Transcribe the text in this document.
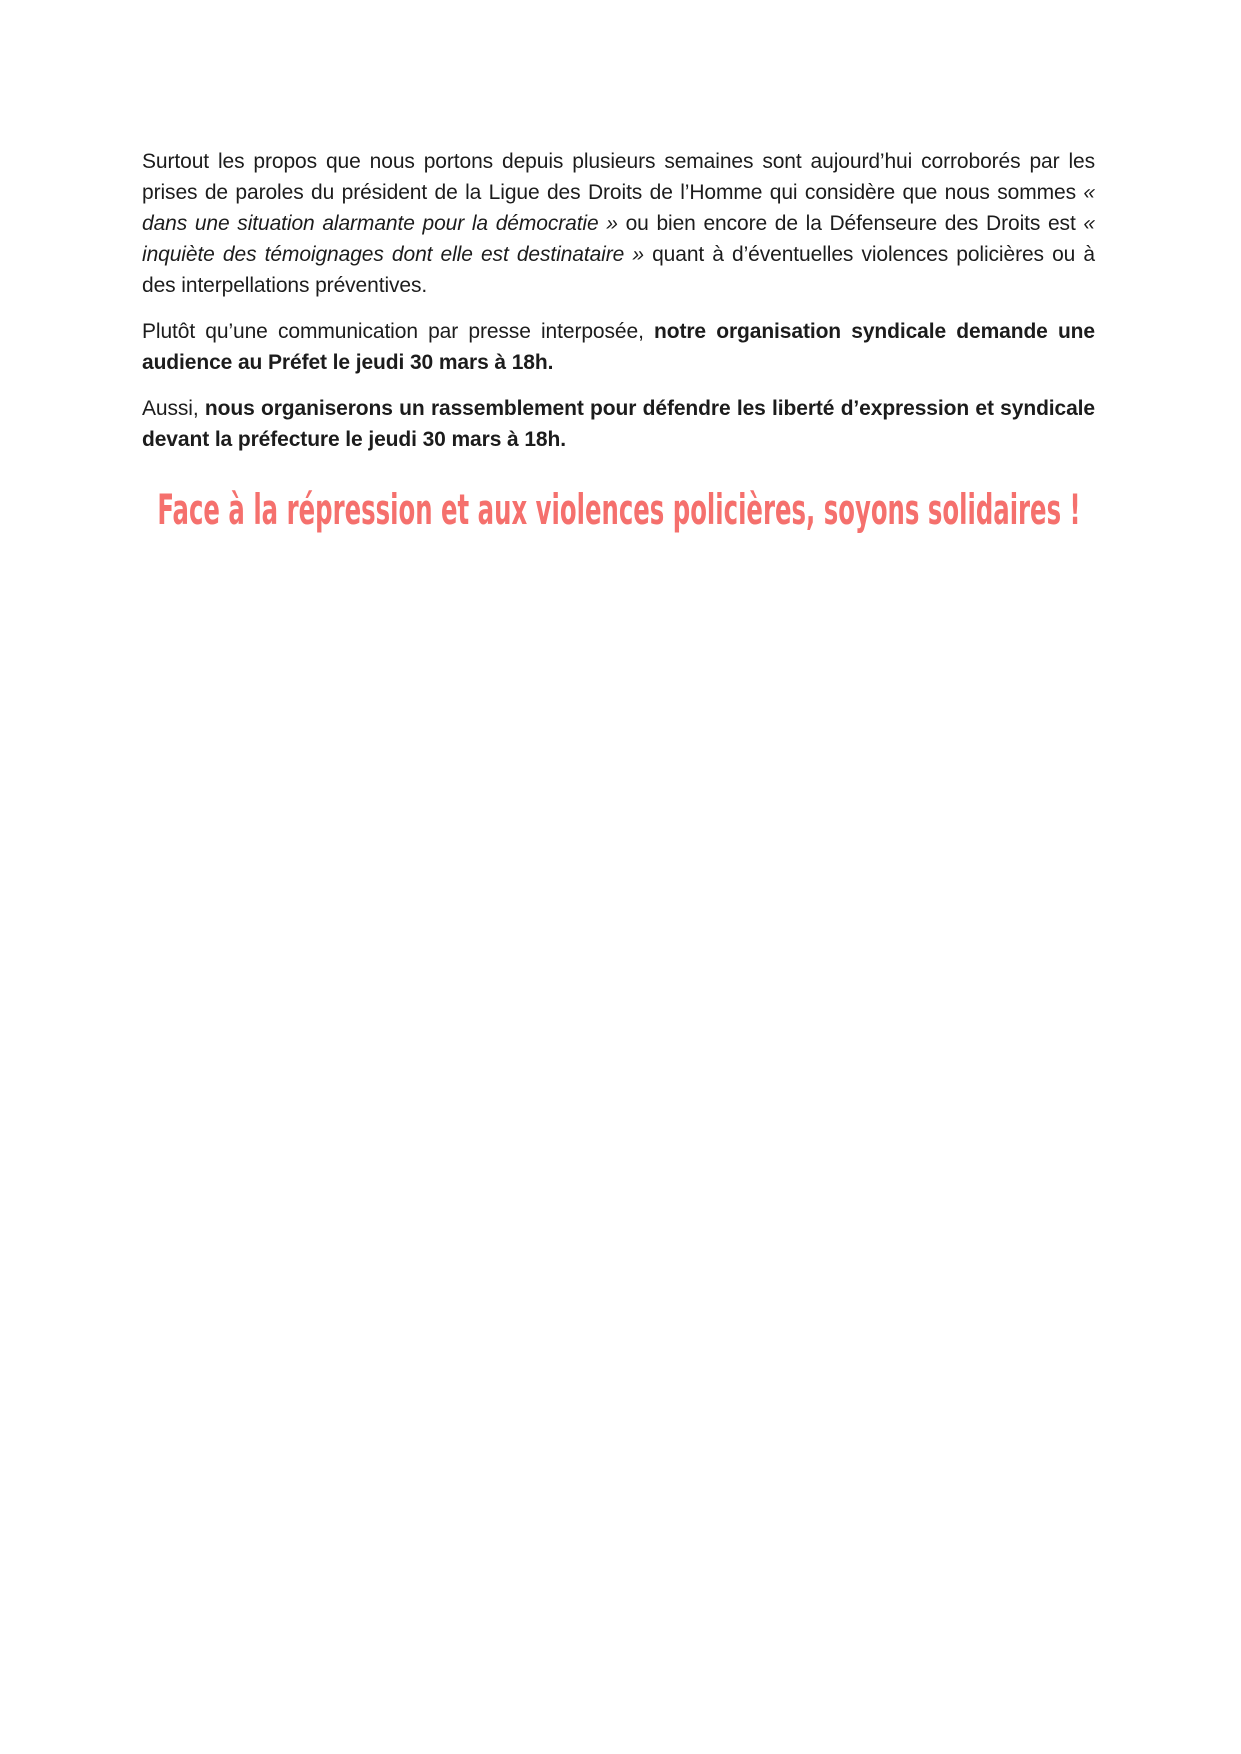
Surtout les propos que nous portons depuis plusieurs semaines sont aujourd’hui corroborés par les prises de paroles du président de la Ligue des Droits de l’Homme qui considère que nous sommes « dans une situation alarmante pour la démocratie » ou bien encore de la Défenseure des Droits est « inquiète des témoignages dont elle est destinataire » quant à d’éventuelles violences policières ou à des interpellations préventives.

Plutôt qu’une communication par presse interposée, notre organisation syndicale demande une audience au Préfet le jeudi 30 mars à 18h.

Aussi, nous organiserons un rassemblement pour défendre les liberté d’expression et syndicale devant la préfecture le jeudi 30 mars à 18h.

Face à la répression et aux violences policières, soyons solidaires !
